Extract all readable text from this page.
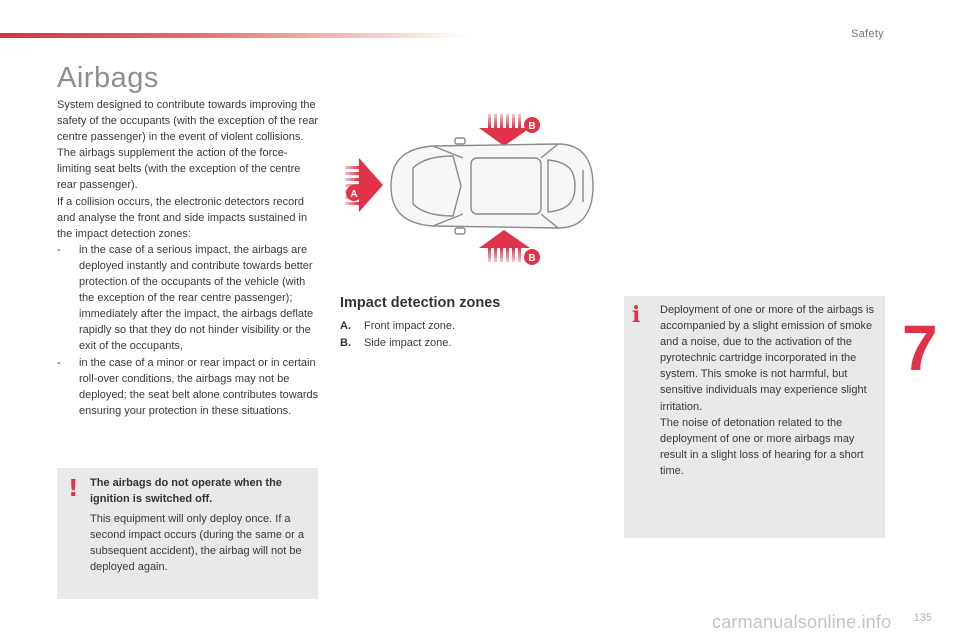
Safety
Airbags

System designed to contribute towards improving the safety of the occupants (with the exception of the rear centre passenger) in the event of violent collisions. The airbags supplement the action of the force-limiting seat belts (with the exception of the centre rear passenger).

If a collision occurs, the electronic detectors record and analyse the front and side impacts sustained in the impact detection zones:

-	in the case of a serious impact, the airbags are deployed instantly and contribute towards better protection of the occupants of the vehicle (with the exception of the rear centre passenger); immediately after the impact, the airbags deflate rapidly so that they do not hinder visibility or the exit of the occupants,
-	in the case of a minor or rear impact or in certain roll-over conditions, the airbags may not be deployed; the seat belt alone contributes towards ensuring your protection in these situations.
! The airbags do not operate when the ignition is switched off.
This equipment will only deploy once. If a second impact occurs (during the same or a subsequent accident), the airbag will not be deployed again.
A
B
B
Impact detection zones
A.	Front impact zone.
B.	Side impact zone.
i Deployment of one or more of the airbags is accompanied by a slight emission of smoke and a noise, due to the activation of the pyrotechnic cartridge incorporated in the system. This smoke is not harmful, but sensitive individuals may experience slight irritation.

The noise of detonation related to the deployment of one or more airbags may result in a slight loss of hearing for a short time.

7
135
carmanualsonline.info
